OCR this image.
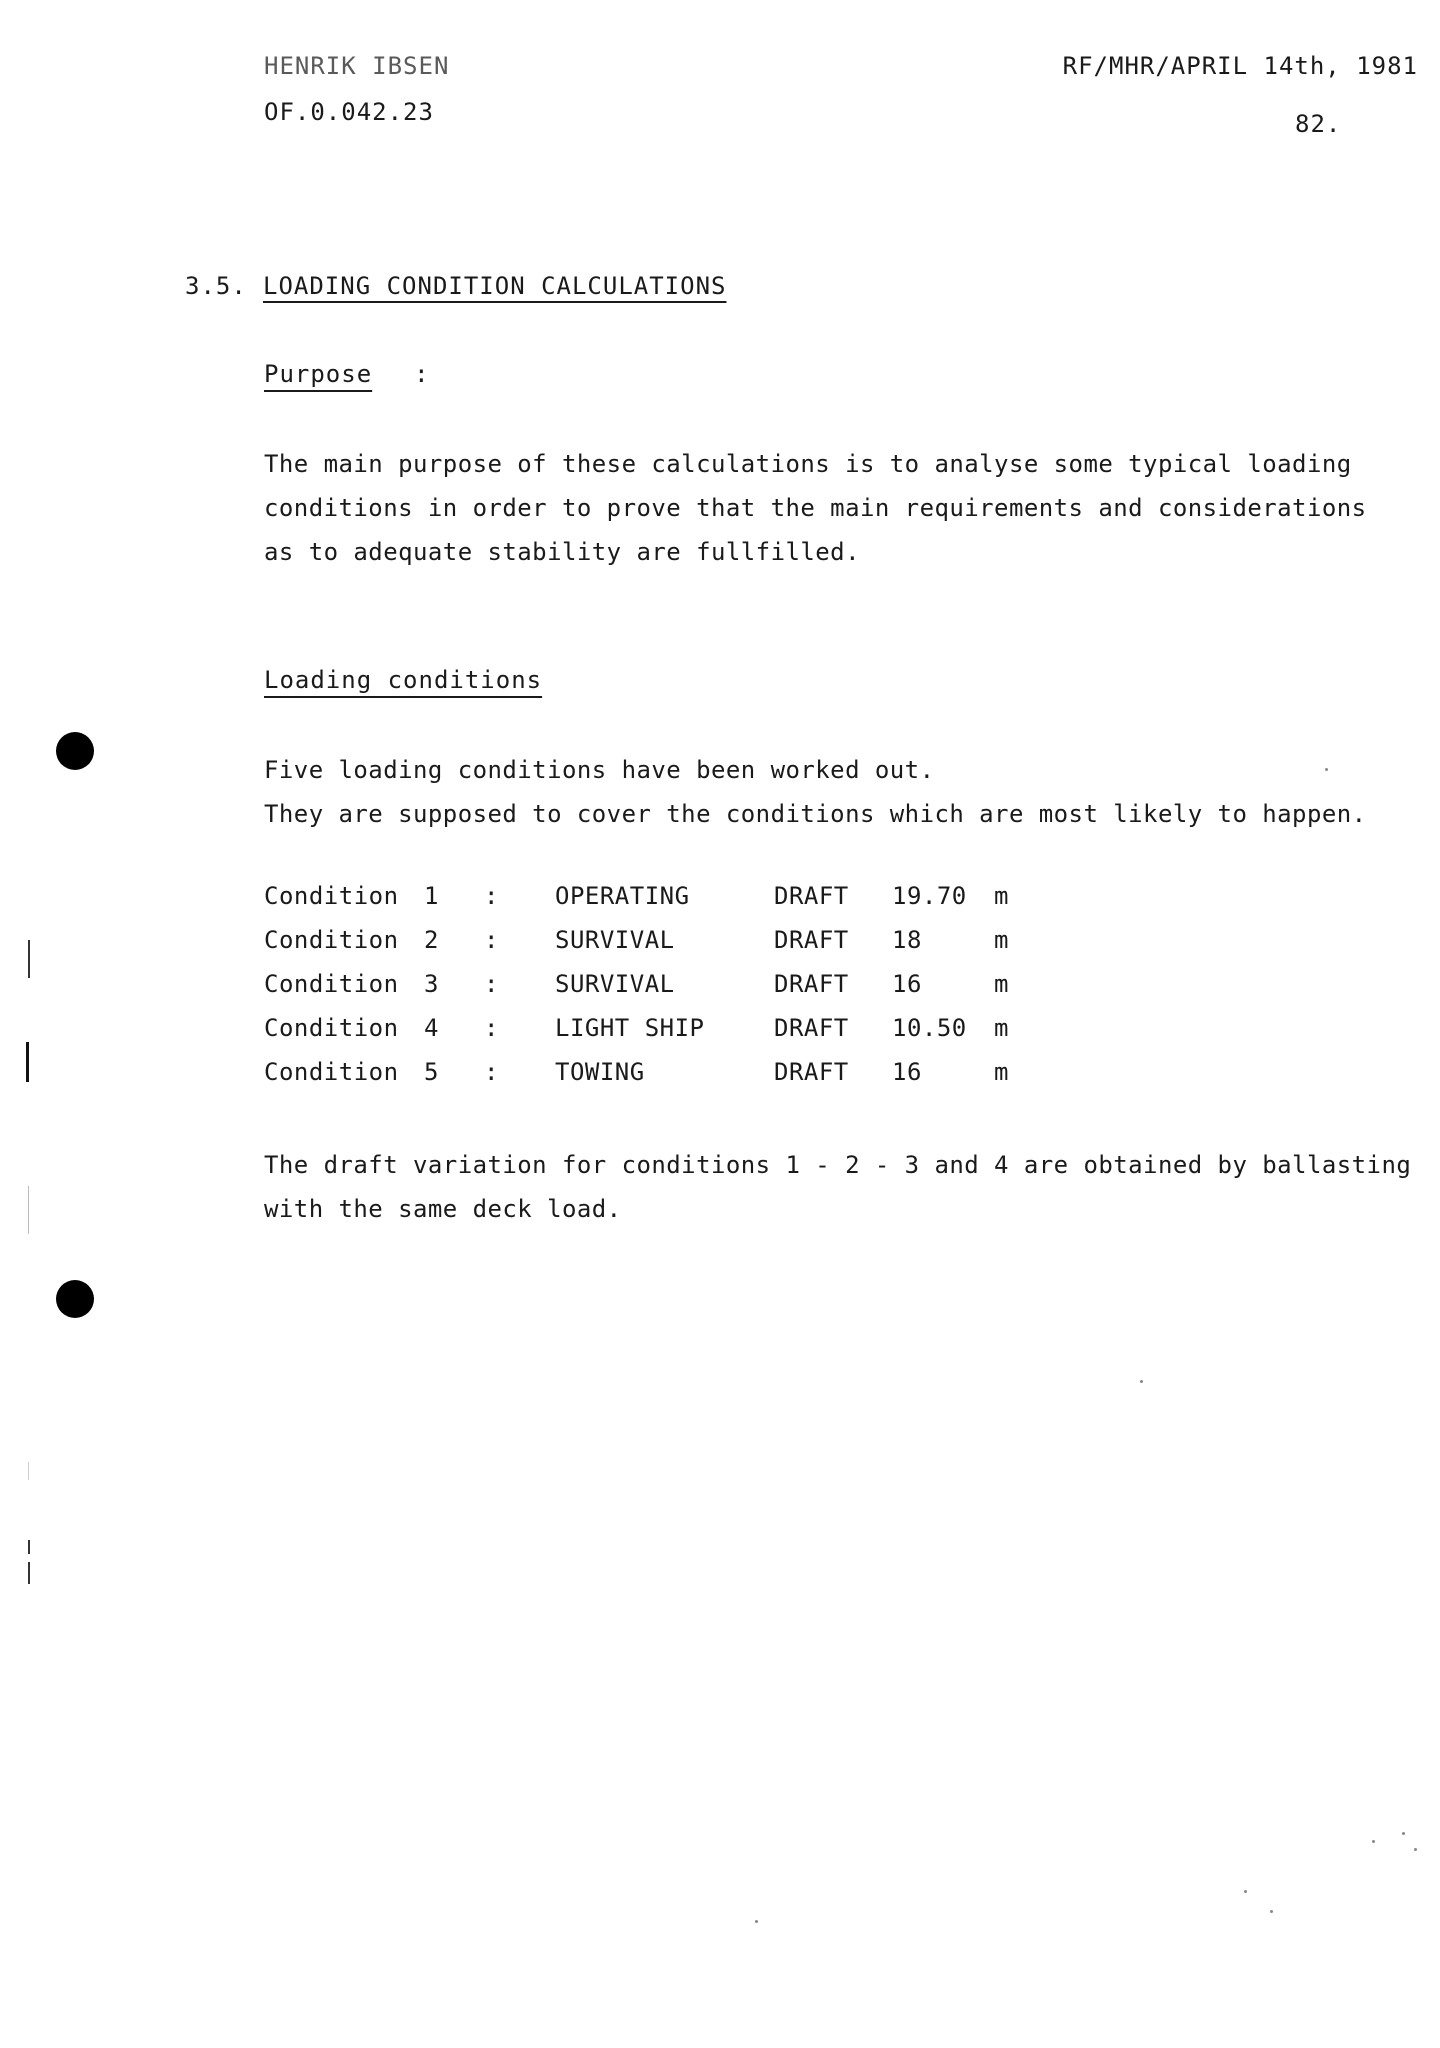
HENRIK IBSEN
OF.0.042.23
RF/MHR/APRIL 14th, 1981
82.
3.5. LOADING CONDITION CALCULATIONS
Purpose :
The main purpose of these calculations is to analyse some typical loading
conditions in order to prove that the main requirements and considerations
as to adequate stability are fullfilled.
Loading conditions
Five loading conditions have been worked out.
They are supposed to cover the conditions which are most likely to happen.
Condition 1 : OPERATING	DRAFT 19.70 m
Condition 2 : SURVIVAL	DRAFT 18	m
Condition 3 : SURVIVAL	DRAFT 16	m
Condition 4 : LIGHT SHIP	DRAFT 10.50 m
Condition 5 : TOWING	DRAFT 16	m
The draft variation for conditions 1 - 2 - 3 and 4 are obtained by ballasting
with the same deck load.
